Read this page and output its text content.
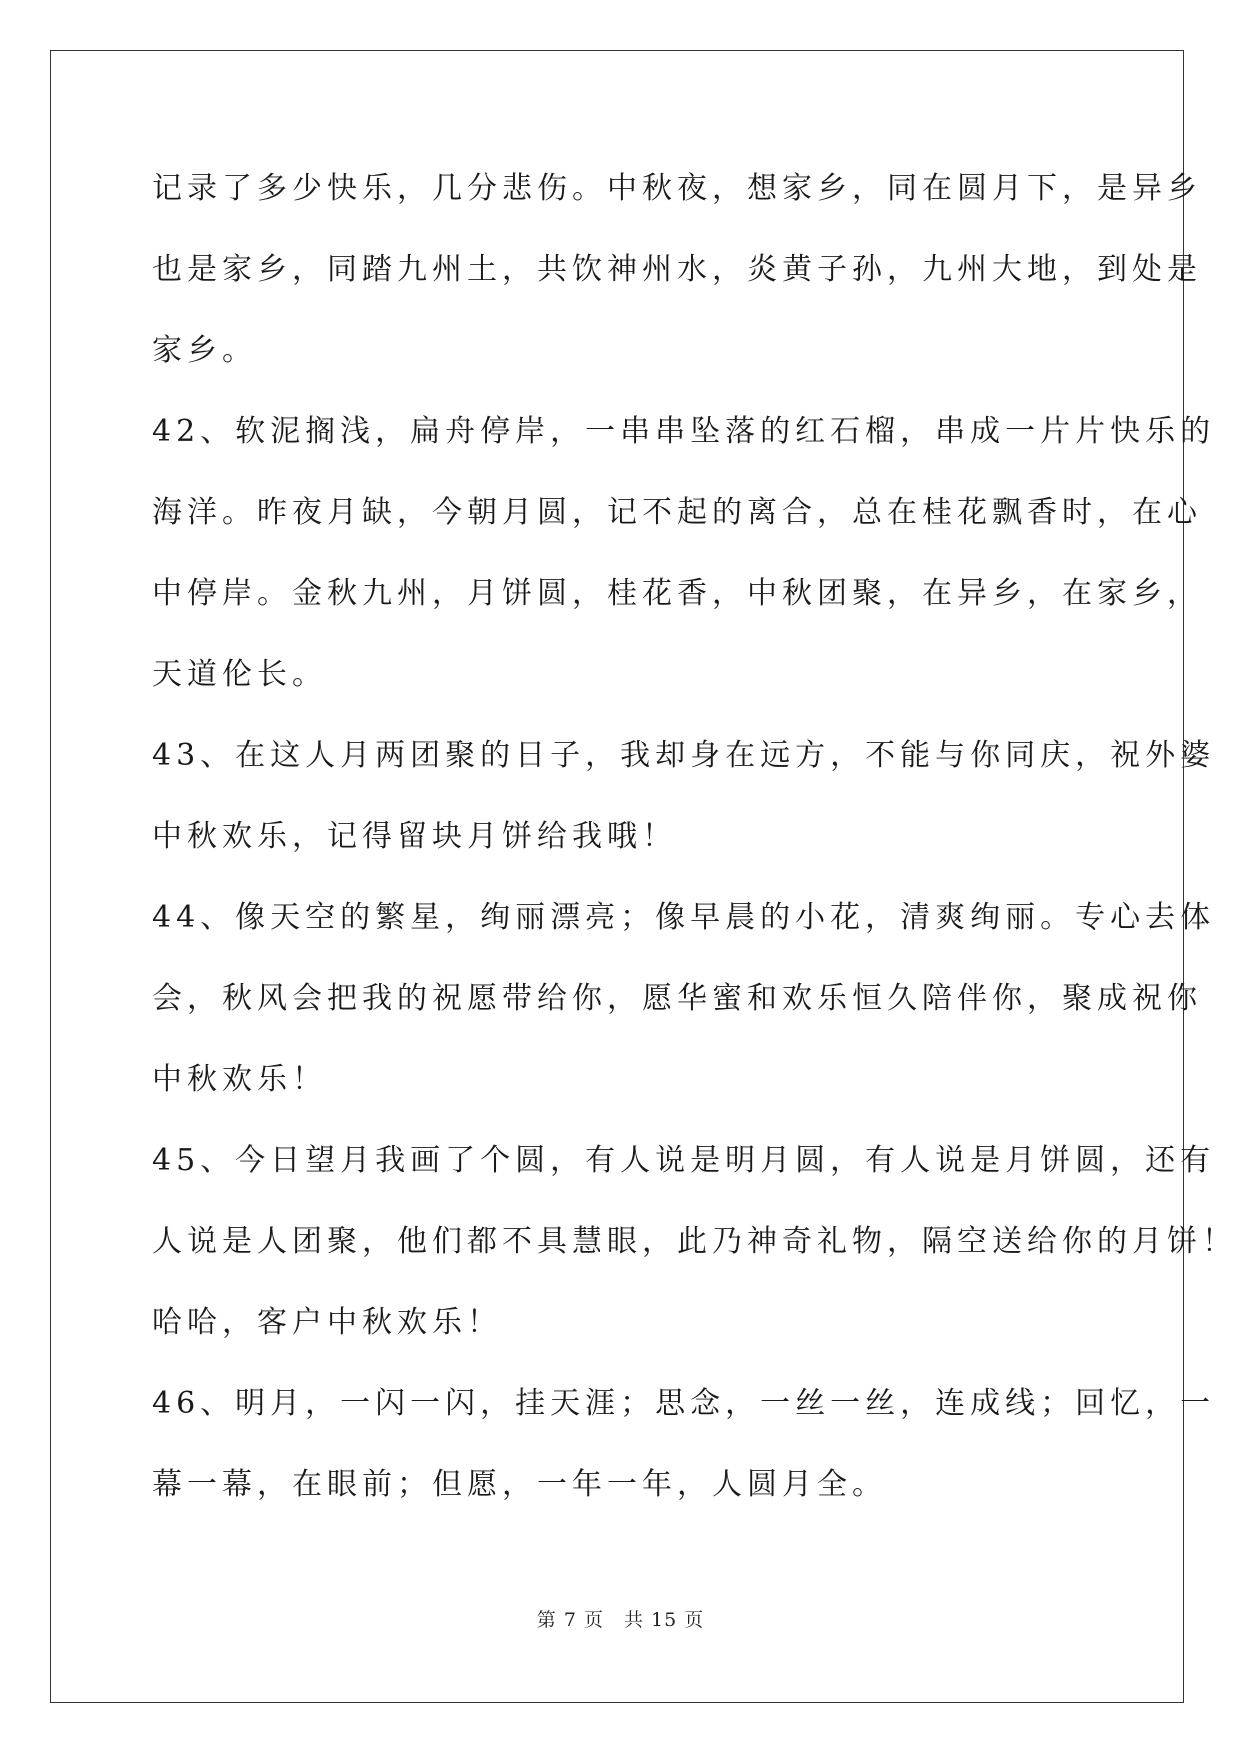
记录了多少快乐，几分悲伤。中秋夜，想家乡，同在圆月下，是异乡
也是家乡，同踏九州土，共饮神州水，炎黄子孙，九州大地，到处是
家乡。
42、软泥搁浅，扁舟停岸，一串串坠落的红石榴，串成一片片快乐的
海洋。昨夜月缺，今朝月圆，记不起的离合，总在桂花飘香时，在心
中停岸。金秋九州，月饼圆，桂花香，中秋团聚，在异乡，在家乡，
天道伦长。
43、在这人月两团聚的日子，我却身在远方，不能与你同庆，祝外婆
中秋欢乐，记得留块月饼给我哦！
44、像天空的繁星，绚丽漂亮；像早晨的小花，清爽绚丽。专心去体
会，秋风会把我的祝愿带给你，愿华蜜和欢乐恒久陪伴你，聚成祝你
中秋欢乐！
45、今日望月我画了个圆，有人说是明月圆，有人说是月饼圆，还有
人说是人团聚，他们都不具慧眼，此乃神奇礼物，隔空送给你的月饼！
哈哈，客户中秋欢乐！
46、明月，一闪一闪，挂天涯；思念，一丝一丝，连成线；回忆，一
幕一幕，在眼前；但愿，一年一年，人圆月全。
第 7 页　共 15 页
